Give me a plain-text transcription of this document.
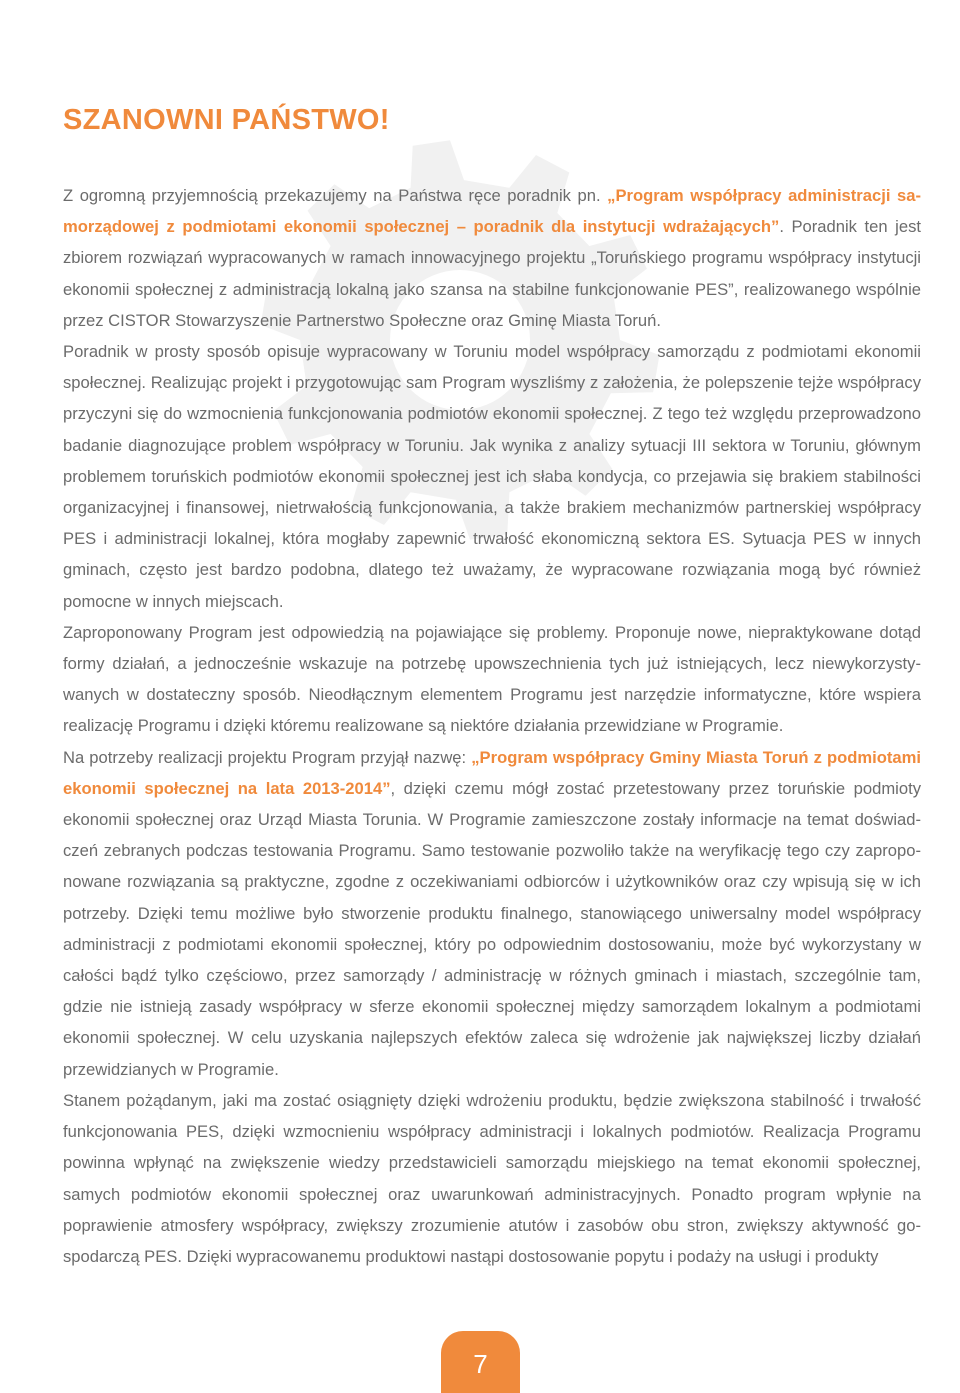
SZANOWNI PAŃSTWO!

Z ogromną przyjemnością przekazujemy na Państwa ręce poradnik pn. „Program współpracy administracji samorządowej z podmiotami ekonomii społecznej – poradnik dla instytucji wdrażających”. Poradnik ten jest zbiorem rozwiązań wypracowanych w ramach innowacyjnego projektu „Toruńskiego programu współpracy instytucji ekonomii społecznej z administracją lokalną jako szansa na stabilne funkcjonowanie PES”, realizowanego wspólnie przez CISTOR Stowarzyszenie Partnerstwo Społeczne oraz Gminę Miasta Toruń.

Poradnik w prosty sposób opisuje wypracowany w Toruniu model współpracy samorządu z podmiotami ekonomii społecznej. Realizując projekt i przygotowując sam Program wyszliśmy z założenia, że polepszenie tejże współpracy przyczyni się do wzmocnienia funkcjonowania podmiotów ekonomii społecznej. Z tego też względu przeprowadzono badanie diagnozujące problem współpracy w Toruniu. Jak wynika z analizy sytuacji III sektora w Toruniu, głównym problemem toruńskich podmiotów ekonomii społecznej jest ich słaba kondycja, co przejawia się brakiem stabilności organizacyjnej i finansowej, nietrwałością funkcjonowania, a także brakiem mechanizmów partnerskiej współpracy PES i administracji lokalnej, która mogłaby zapewnić trwałość ekonomiczną sektora ES. Sytuacja PES w innych gminach, często jest bardzo podobna, dlatego też uważamy, że wypracowane rozwiązania mogą być również pomocne w innych miejscach.

Zaproponowany Program jest odpowiedzią na pojawiające się problemy. Proponuje nowe, niepraktykowane dotąd formy działań, a jednocześnie wskazuje na potrzebę upowszechnienia tych już istniejących, lecz niewykorzystywanych w dostateczny sposób. Nieodłącznym elementem Programu jest narzędzie informatyczne, które wspiera realizację Programu i dzięki któremu realizowane są niektóre działania przewidziane w Programie.

Na potrzeby realizacji projektu Program przyjął nazwę: „Program współpracy Gminy Miasta Toruń z podmiotami ekonomii społecznej na lata 2013-2014”, dzięki czemu mógł zostać przetestowany przez toruńskie podmioty ekonomii społecznej oraz Urząd Miasta Torunia. W Programie zamieszczone zostały informacje na temat doświadczeń zebranych podczas testowania Programu. Samo testowanie pozwoliło także na weryfikację tego czy zaproponowane rozwiązania są praktyczne, zgodne z oczekiwaniami odbiorców i użytkowników oraz czy wpisują się w ich potrzeby. Dzięki temu możliwe było stworzenie produktu finalnego, stanowiącego uniwersalny model współpracy administracji z podmiotami ekonomii społecznej, który po odpowiednim dostosowaniu, może być wykorzystany w całości bądź tylko częściowo, przez samorządy / administrację w różnych gminach i miastach, szczególnie tam, gdzie nie istnieją zasady współpracy w sferze ekonomii społecznej między samorządem lokalnym a podmiotami ekonomii społecznej. W celu uzyskania najlepszych efektów zaleca się wdrożenie jak największej liczby działań przewidzianych w Programie.

Stanem pożądanym, jaki ma zostać osiągnięty dzięki wdrożeniu produktu, będzie zwiększona stabilność i trwałość funkcjonowania PES, dzięki wzmocnieniu współpracy administracji i lokalnych podmiotów. Realizacja Programu powinna wpłynąć na zwiększenie wiedzy przedstawicieli samorządu miejskiego na temat ekonomii społecznej, samych podmiotów ekonomii społecznej oraz uwarunkowań administracyjnych. Ponadto program wpłynie na poprawienie atmosfery współpracy, zwiększy zrozumienie atutów i zasobów obu stron, zwiększy aktywność gospodarczą PES. Dzięki wypracowanemu produktowi nastąpi dostosowanie popytu i podaży na usługi i produkty

7
